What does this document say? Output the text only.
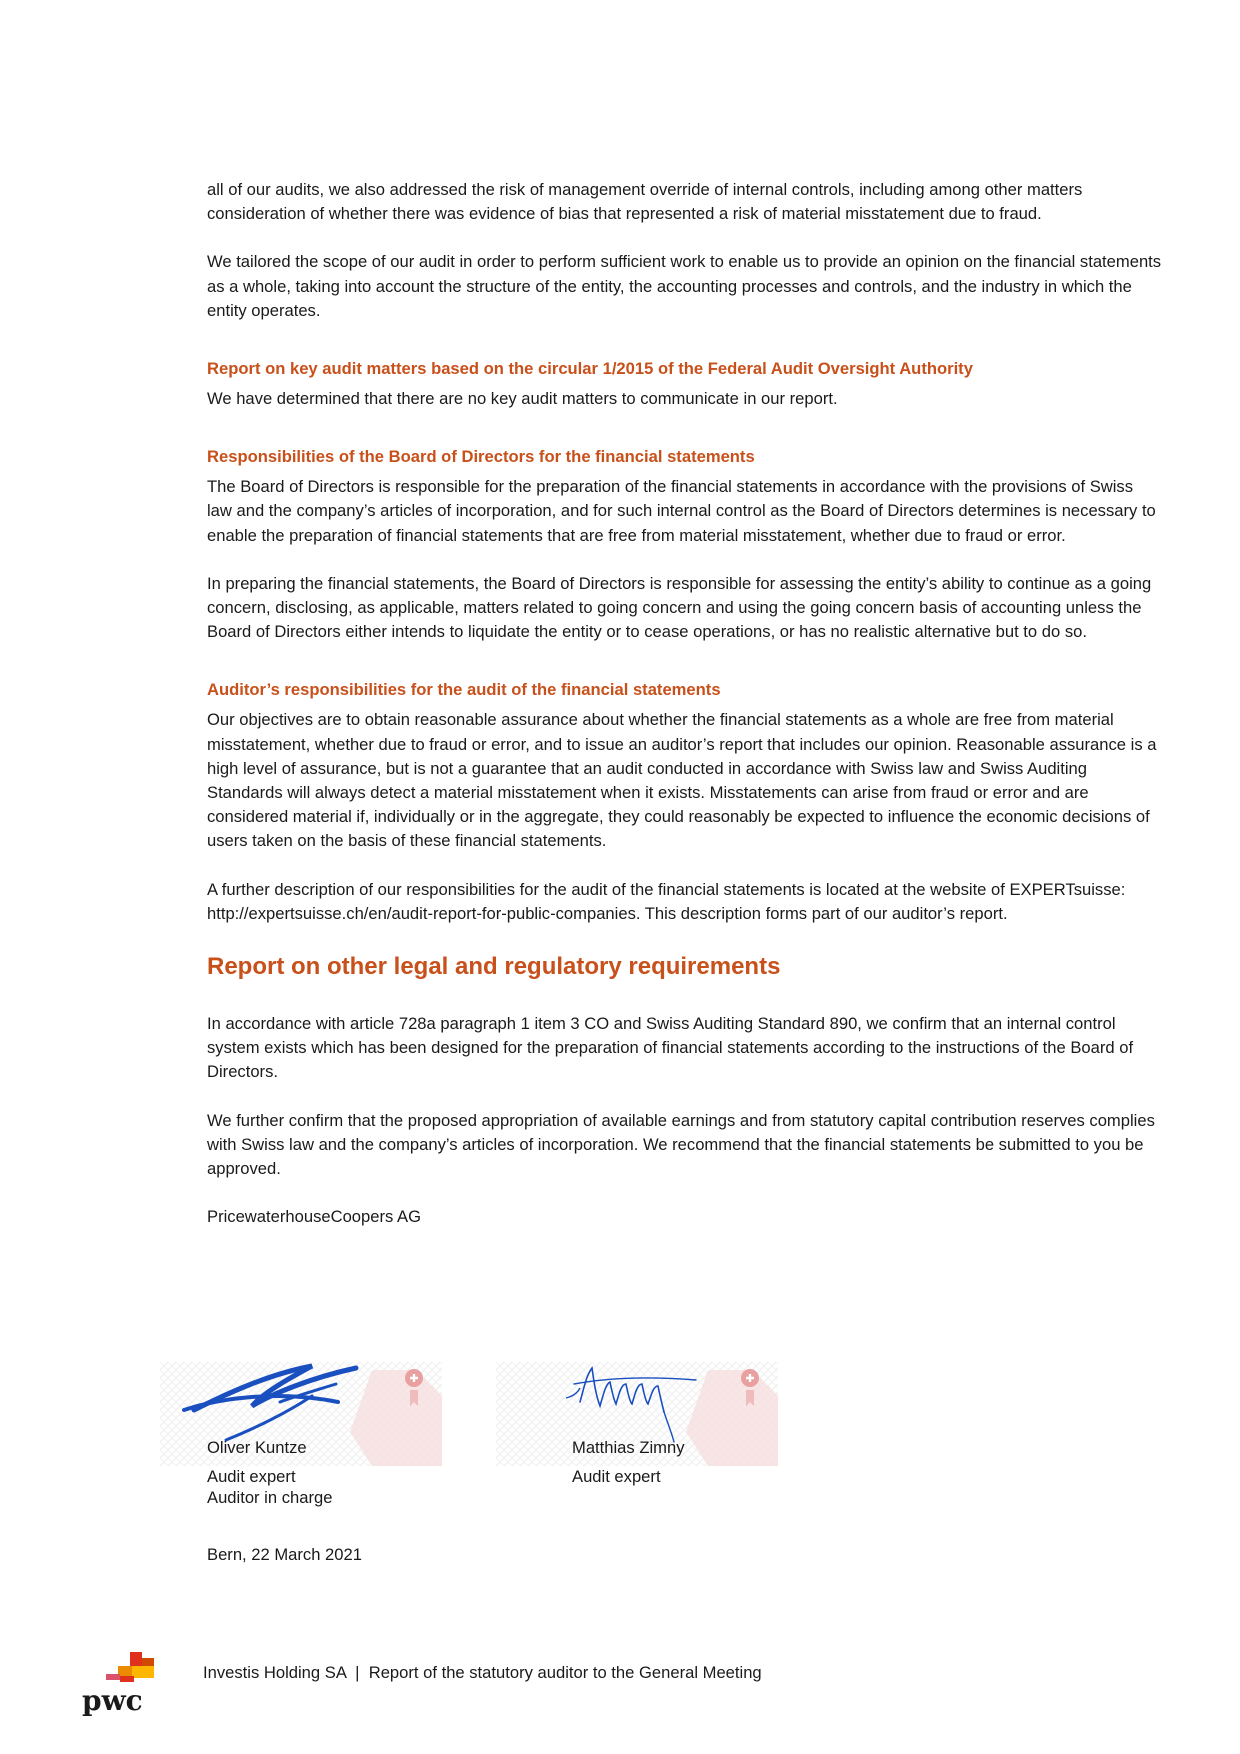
all of our audits, we also addressed the risk of management override of internal controls, including among other matters consideration of whether there was evidence of bias that represented a risk of material misstatement due to fraud.

We tailored the scope of our audit in order to perform sufficient work to enable us to provide an opinion on the financial statements as a whole, taking into account the structure of the entity, the accounting processes and controls, and the industry in which the entity operates.

Report on key audit matters based on the circular 1/2015 of the Federal Audit Oversight Authority

We have determined that there are no key audit matters to communicate in our report.

Responsibilities of the Board of Directors for the financial statements

The Board of Directors is responsible for the preparation of the financial statements in accordance with the provisions of Swiss law and the company’s articles of incorporation, and for such internal control as the Board of Directors determines is necessary to enable the preparation of financial statements that are free from material misstatement, whether due to fraud or error.

In preparing the financial statements, the Board of Directors is responsible for assessing the entity’s ability to continue as a going concern, disclosing, as applicable, matters related to going concern and using the going concern basis of accounting unless the Board of Directors either intends to liquidate the entity or to cease operations, or has no realistic alternative but to do so.

Auditor’s responsibilities for the audit of the financial statements

Our objectives are to obtain reasonable assurance about whether the financial statements as a whole are free from material misstatement, whether due to fraud or error, and to issue an auditor’s report that includes our opinion. Reasonable assurance is a high level of assurance, but is not a guarantee that an audit conducted in accordance with Swiss law and Swiss Auditing Standards will always detect a material misstatement when it exists. Misstatements can arise from fraud or error and are considered material if, individually or in the aggregate, they could reasonably be expected to influence the economic decisions of users taken on the basis of these financial statements.

A further description of our responsibilities for the audit of the financial statements is located at the website of EXPERTsuisse: http://expertsuisse.ch/en/audit-report-for-public-companies. This description forms part of our auditor’s report.

Report on other legal and regulatory requirements

In accordance with article 728a paragraph 1 item 3 CO and Swiss Auditing Standard 890, we confirm that an internal control system exists which has been designed for the preparation of financial statements according to the instructions of the Board of Directors.

We further confirm that the proposed appropriation of available earnings and from statutory capital contribution reserves complies with Swiss law and the company’s articles of incorporation. We recommend that the financial statements be submitted to you be approved.

PricewaterhouseCoopers AG

Oliver Kuntze	Matthias Zimny
Audit expert
Auditor in charge
Audit expert
Bern, 22 March 2021
pwc
Investis Holding SA  |  Report of the statutory auditor to the General Meeting
